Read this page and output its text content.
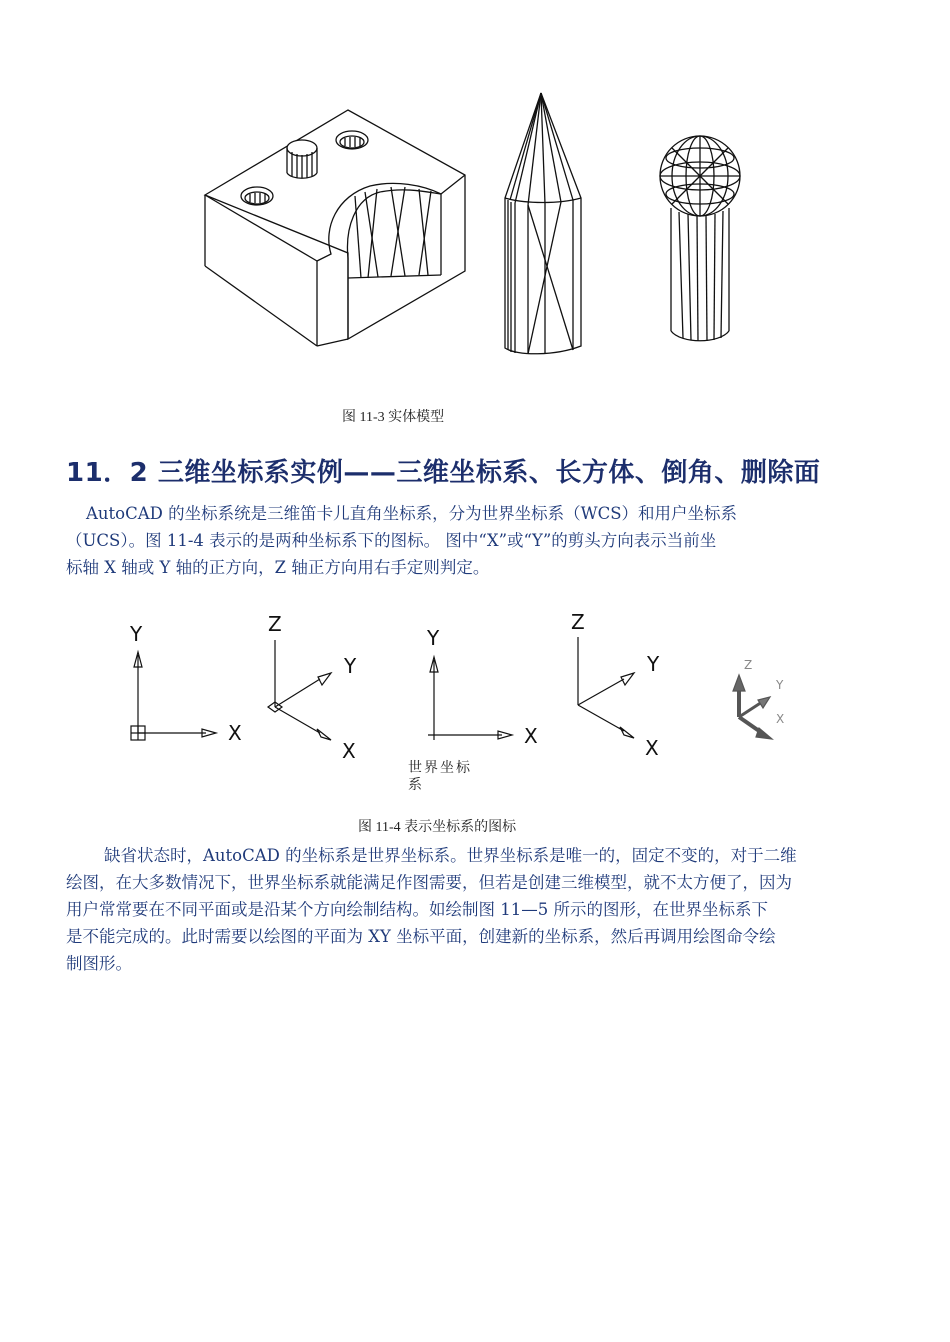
图 11-3 实体模型
11．2 三维坐标系实例——三维坐标系、长方体、倒角、删除面
AutoCAD 的坐标系统是三维笛卡儿直角坐标系，分为世界坐标系（WCS）和用户坐标系
（UCS）。图 11-4 表示的是两种坐标系下的图标。 图中“X”或“Y”的剪头方向表示当前坐
标轴 X 轴或 Y 轴的正方向，Z 轴正方向用右手定则判定。
Y
X
Z
Y
X
Y
X
Z
Y
X
Z
Y
X
世界坐标
系
图 11-4 表示坐标系的图标
缺省状态时，AutoCAD 的坐标系是世界坐标系。世界坐标系是唯一的，固定不变的，对于二维
绘图，在大多数情况下，世界坐标系就能满足作图需要，但若是创建三维模型，就不太方便了，因为
用户常常要在不同平面或是沿某个方向绘制结构。如绘制图 11—5 所示的图形，在世界坐标系下
是不能完成的。此时需要以绘图的平面为 XY 坐标平面，创建新的坐标系，然后再调用绘图命令绘
制图形。
